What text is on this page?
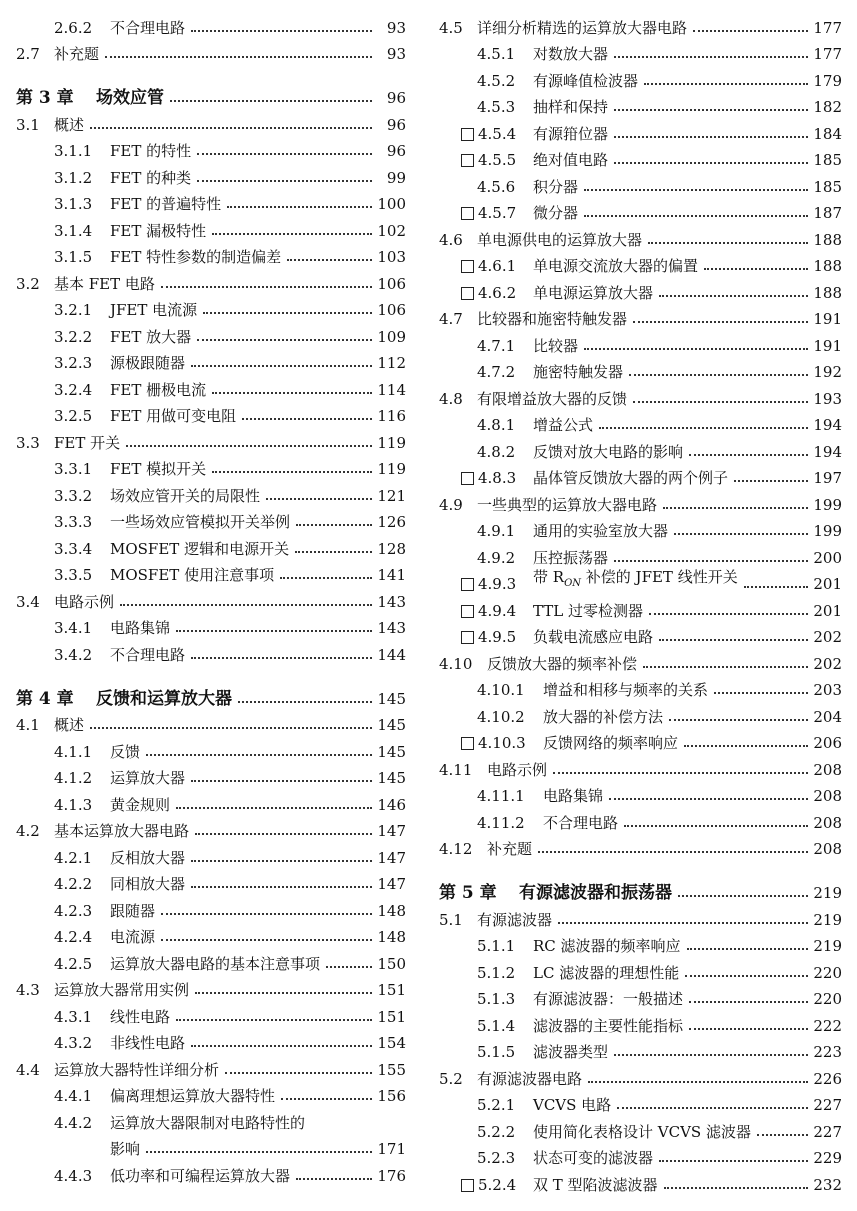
2.6.2	不合理电路	93
2.7 补充题	93
第 3 章	场效应管	96
3.1 概述	96
3.1.1	FET 的特性	96
3.1.2	FET 的种类	99
3.1.3	FET 的普遍特性	100
3.1.4	FET 漏极特性	102
3.1.5	FET 特性参数的制造偏差	103
3.2 基本 FET 电路	106
3.2.1	JFET 电流源	106
3.2.2	FET 放大器	109
3.2.3	源极跟随器	112
3.2.4	FET 栅极电流	114
3.2.5	FET 用做可变电阻	116
3.3 FET 开关	119
3.3.1	FET 模拟开关	119
3.3.2	场效应管开关的局限性	121
3.3.3	一些场效应管模拟开关举例	126
3.3.4	MOSFET 逻辑和电源开关	128
3.3.5	MOSFET 使用注意事项	141
3.4 电路示例	143
3.4.1	电路集锦	143
3.4.2	不合理电路	144
第 4 章	反馈和运算放大器	145
4.1 概述	145
4.1.1	反馈	145
4.1.2	运算放大器	145
4.1.3	黄金规则	146
4.2 基本运算放大器电路	147
4.2.1	反相放大器	147
4.2.2	同相放大器	147
4.2.3	跟随器	148
4.2.4	电流源	148
4.2.5	运算放大器电路的基本注意事项	150
4.3 运算放大器常用实例	151
4.3.1	线性电路	151
4.3.2	非线性电路	154
4.4 运算放大器特性详细分析	155
4.4.1	偏离理想运算放大器特性	156
4.4.2	运算放大器限制对电路特性的
影响	171
4.4.3	低功率和可编程运算放大器	176
4.5 详细分析精选的运算放大器电路	177
4.5.1	对数放大器	177
4.5.2	有源峰值检波器	179
4.5.3	抽样和保持	182
4.5.4 有源箝位器	184
4.5.5 绝对值电路	185
4.5.6	积分器	185
4.5.7 微分器	187
4.6 单电源供电的运算放大器	188
4.6.1 单电源交流放大器的偏置	188
4.6.2 单电源运算放大器	188
4.7 比较器和施密特触发器	191
4.7.1	比较器	191
4.7.2	施密特触发器	192
4.8 有限增益放大器的反馈	193
4.8.1	增益公式	194
4.8.2	反馈对放大电路的影响	194
4.8.3 晶体管反馈放大器的两个例子	197
4.9 一些典型的运算放大器电路	199
4.9.1	通用的实验室放大器	199
4.9.2	压控振荡器	200
4.9.3 带 $R_{ON}$ 补偿的 JFET 线性开关	201
4.9.4 TTL 过零检测器	201
4.9.5 负载电流感应电路	202
4.10 反馈放大器的频率补偿	202
4.10.1	增益和相移与频率的关系	203
4.10.2	放大器的补偿方法	204
4.10.3 反馈网络的频率响应	206
4.11 电路示例	208
4.11.1	电路集锦	208
4.11.2	不合理电路	208
4.12 补充题	208
第 5 章	有源滤波器和振荡器	219
5.1 有源滤波器	219
5.1.1	RC 滤波器的频率响应	219
5.1.2	LC 滤波器的理想性能	220
5.1.3	有源滤波器：一般描述	220
5.1.4	滤波器的主要性能指标	222
5.1.5	滤波器类型	223
5.2 有源滤波器电路	226
5.2.1	VCVS 电路	227
5.2.2	使用简化表格设计 VCVS 滤波器	227
5.2.3	状态可变的滤波器	229
5.2.4 双 T 型陷波滤波器	232
